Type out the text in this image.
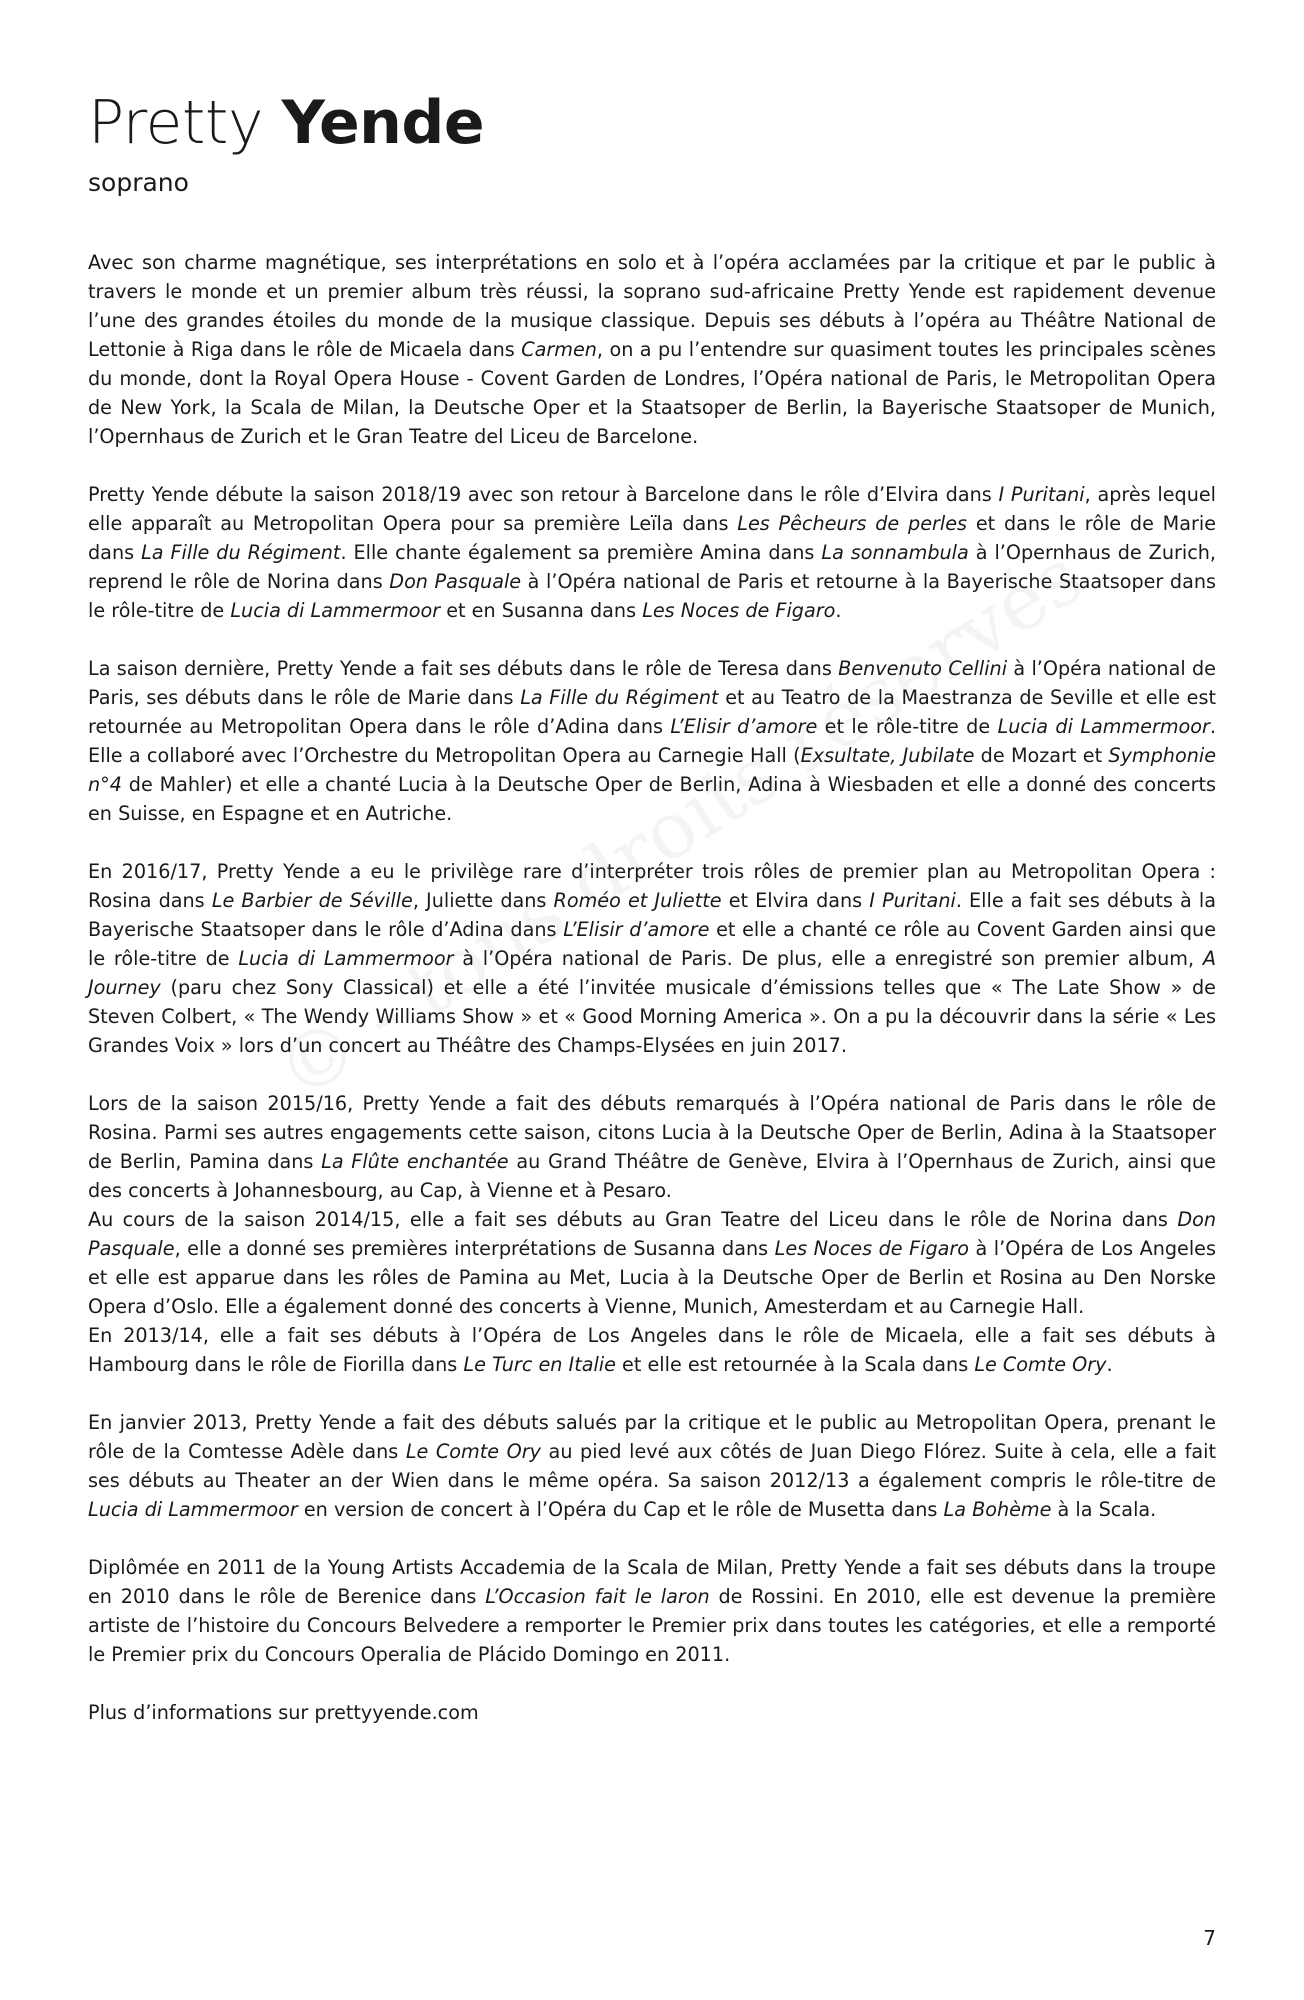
Pretty Yende

soprano

Avec son charme magnétique, ses interprétations en solo et à l’opéra acclamées par la critique et par le public à travers le monde et un premier album très réussi, la soprano sud-africaine Pretty Yende est rapidement devenue l’une des grandes étoiles du monde de la musique classique. Depuis ses débuts à l’opéra au Théâtre National de Lettonie à Riga dans le rôle de Micaela dans Carmen, on a pu l’entendre sur quasiment toutes les principales scènes du monde, dont la Royal Opera House - Covent Garden de Londres, l’Opéra national de Paris, le Metropolitan Opera de New York, la Scala de Milan, la Deutsche Oper et la Staatsoper de Berlin, la Bayerische Staatsoper de Munich, l’Opernhaus de Zurich et le Gran Teatre del Liceu de Barcelone.

Pretty Yende débute la saison 2018/19 avec son retour à Barcelone dans le rôle d’Elvira dans I Puritani, après lequel elle apparaît au Metropolitan Opera pour sa première Leïla dans Les Pêcheurs de perles et dans le rôle de Marie dans La Fille du Régiment. Elle chante également sa première Amina dans La sonnambula à l’Opernhaus de Zurich, reprend le rôle de Norina dans Don Pasquale à l’Opéra national de Paris et retourne à la Bayerische Staatsoper dans le rôle-titre de Lucia di Lammermoor et en Susanna dans Les Noces de Figaro.

La saison dernière, Pretty Yende a fait ses débuts dans le rôle de Teresa dans Benvenuto Cellini à l’Opéra national de Paris, ses débuts dans le rôle de Marie dans La Fille du Régiment et au Teatro de la Maestranza de Seville et elle est retournée au Metropolitan Opera dans le rôle d’Adina dans L’Elisir d’amore et le rôle-titre de Lucia di Lammermoor. Elle a collaboré avec l’Orchestre du Metropolitan Opera au Carnegie Hall (Exsultate, Jubilate de Mozart et Symphonie n°4 de Mahler) et elle a chanté Lucia à la Deutsche Oper de Berlin, Adina à Wiesbaden et elle a donné des concerts en Suisse, en Espagne et en Autriche.

En 2016/17, Pretty Yende a eu le privilège rare d’interpréter trois rôles de premier plan au Metropolitan Opera : Rosina dans Le Barbier de Séville, Juliette dans Roméo et Juliette et Elvira dans I Puritani. Elle a fait ses débuts à la Bayerische Staatsoper dans le rôle d’Adina dans L’Elisir d’amore et elle a chanté ce rôle au Covent Garden ainsi que le rôle-titre de Lucia di Lammermoor à l’Opéra national de Paris. De plus, elle a enregistré son premier album, A Journey (paru chez Sony Classical) et elle a été l’invitée musicale d’émissions telles que « The Late Show » de Steven Colbert, « The Wendy Williams Show » et « Good Morning America ». On a pu la découvrir dans la série « Les Grandes Voix » lors d’un concert au Théâtre des Champs-Elysées en juin 2017.

Lors de la saison 2015/16, Pretty Yende a fait des débuts remarqués à l’Opéra national de Paris dans le rôle de Rosina. Parmi ses autres engagements cette saison, citons Lucia à la Deutsche Oper de Berlin, Adina à la Staatsoper de Berlin, Pamina dans La Flûte enchantée au Grand Théâtre de Genève, Elvira à l’Opernhaus de Zurich, ainsi que des concerts à Johannesbourg, au Cap, à Vienne et à Pesaro.

Au cours de la saison 2014/15, elle a fait ses débuts au Gran Teatre del Liceu dans le rôle de Norina dans Don Pasquale, elle a donné ses premières interprétations de Susanna dans Les Noces de Figaro à l’Opéra de Los Angeles et elle est apparue dans les rôles de Pamina au Met, Lucia à la Deutsche Oper de Berlin et Rosina au Den Norske Opera d’Oslo. Elle a également donné des concerts à Vienne, Munich, Amesterdam et au Carnegie Hall.

En 2013/14, elle a fait ses débuts à l’Opéra de Los Angeles dans le rôle de Micaela, elle a fait ses débuts à Hambourg dans le rôle de Fiorilla dans Le Turc en Italie et elle est retournée à la Scala dans Le Comte Ory.

En janvier 2013, Pretty Yende a fait des débuts salués par la critique et le public au Metropolitan Opera, prenant le rôle de la Comtesse Adèle dans Le Comte Ory au pied levé aux côtés de Juan Diego Flórez. Suite à cela, elle a fait ses débuts au Theater an der Wien dans le même opéra. Sa saison 2012/13 a également compris le rôle-titre de Lucia di Lammermoor en version de concert à l’Opéra du Cap et le rôle de Musetta dans La Bohème à la Scala.

Diplômée en 2011 de la Young Artists Accademia de la Scala de Milan, Pretty Yende a fait ses débuts dans la troupe en 2010 dans le rôle de Berenice dans L’Occasion fait le laron de Rossini. En 2010, elle est devenue la première artiste de l’histoire du Concours Belvedere a remporter le Premier prix dans toutes les catégories, et elle a remporté le Premier prix du Concours Operalia de Plácido Domingo en 2011.

Plus d’informations sur prettyyende.com

7
